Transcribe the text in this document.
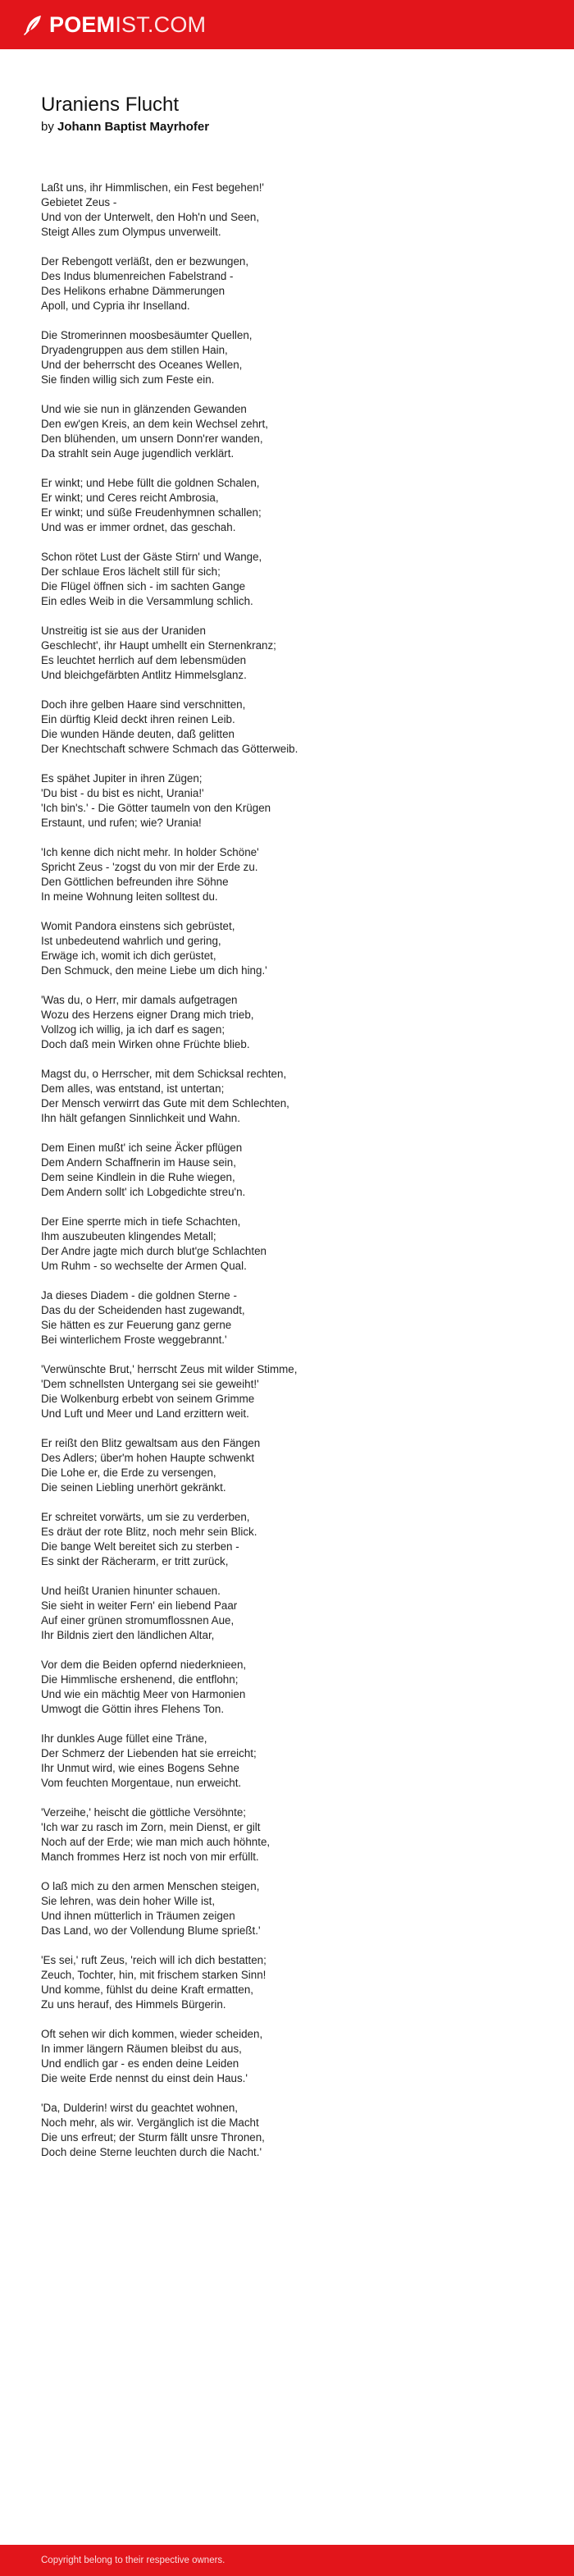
POEMIST.COM
Uraniens Flucht
by Johann Baptist Mayrhofer
Laßt uns, ihr Himmlischen, ein Fest begehen!'
Gebietet Zeus -
Und von der Unterwelt, den Hoh'n und Seen,
Steigt Alles zum Olympus unverweilt.
Der Rebengott verläßt, den er bezwungen,
Des Indus blumenreichen Fabelstrand -
Des Helikons erhabne Dämmerungen
Apoll, und Cypria ihr Inselland.
Die Stromerinnen moosbesäumter Quellen,
Dryadengruppen aus dem stillen Hain,
Und der beherrscht des Oceanes Wellen,
Sie finden willig sich zum Feste ein.
Und wie sie nun in glänzenden Gewanden
Den ew'gen Kreis, an dem kein Wechsel zehrt,
Den blühenden, um unsern Donn'rer wanden,
Da strahlt sein Auge jugendlich verklärt.
Er winkt; und Hebe füllt die goldnen Schalen,
Er winkt; und Ceres reicht Ambrosia,
Er winkt; und süße Freudenhymnen schallen;
Und was er immer ordnet, das geschah.
Schon rötet Lust der Gäste Stirn' und Wange,
Der schlaue Eros lächelt still für sich;
Die Flügel öffnen sich - im sachten Gange
Ein edles Weib in die Versammlung schlich.
Unstreitig ist sie aus der Uraniden
Geschlecht', ihr Haupt umhellt ein Sternenkranz;
Es leuchtet herrlich auf dem lebensmüden
Und bleichgefärbten Antlitz Himmelsglanz.
Doch ihre gelben Haare sind verschnitten,
Ein dürftig Kleid deckt ihren reinen Leib.
Die wunden Hände deuten, daß gelitten
Der Knechtschaft schwere Schmach das Götterweib.
Es spähet Jupiter in ihren Zügen;
'Du bist - du bist es nicht, Urania!'
'Ich bin's.' - Die Götter taumeln von den Krügen
Erstaunt, und rufen; wie? Urania!
'Ich kenne dich nicht mehr. In holder Schöne'
Spricht Zeus - 'zogst du von mir der Erde zu.
Den Göttlichen befreunden ihre Söhne
In meine Wohnung leiten solltest du.
Womit Pandora einstens sich gebrüstet,
Ist unbedeutend wahrlich und gering,
Erwäge ich, womit ich dich gerüstet,
Den Schmuck, den meine Liebe um dich hing.'
'Was du, o Herr, mir damals aufgetragen
Wozu des Herzens eigner Drang mich trieb,
Vollzog ich willig, ja ich darf es sagen;
Doch daß mein Wirken ohne Früchte blieb.
Magst du, o Herrscher, mit dem Schicksal rechten,
Dem alles, was entstand, ist untertan;
Der Mensch verwirrt das Gute mit dem Schlechten,
Ihn hält gefangen Sinnlichkeit und Wahn.
Dem Einen mußt' ich seine Äcker pflügen
Dem Andern Schaffnerin im Hause sein,
Dem seine Kindlein in die Ruhe wiegen,
Dem Andern sollt' ich Lobgedichte streu'n.
Der Eine sperrte mich in tiefe Schachten,
Ihm auszubeuten klingendes Metall;
Der Andre jagte mich durch blut'ge Schlachten
Um Ruhm - so wechselte der Armen Qual.
Ja dieses Diadem - die goldnen Sterne -
Das du der Scheidenden hast zugewandt,
Sie hätten es zur Feuerung ganz gerne
Bei winterlichem Froste weggebrannt.'
'Verwünschte Brut,' herrscht Zeus mit wilder Stimme,
'Dem schnellsten Untergang sei sie geweiht!'
Die Wolkenburg erbebt von seinem Grimme
Und Luft und Meer und Land erzittern weit.
Er reißt den Blitz gewaltsam aus den Fängen
Des Adlers; über'm hohen Haupte schwenkt
Die Lohe er, die Erde zu versengen,
Die seinen Liebling unerhört gekränkt.
Er schreitet vorwärts, um sie zu verderben,
Es dräut der rote Blitz, noch mehr sein Blick.
Die bange Welt bereitet sich zu sterben -
Es sinkt der Rächerarm, er tritt zurück,
Und heißt Uranien hinunter schauen.
Sie sieht in weiter Fern' ein liebend Paar
Auf einer grünen stromumflossnen Aue,
Ihr Bildnis ziert den ländlichen Altar,
Vor dem die Beiden opfernd niederknieen,
Die Himmlische ershenend, die entflohn;
Und wie ein mächtig Meer von Harmonien
Umwogt die Göttin ihres Flehens Ton.
Ihr dunkles Auge füllet eine Träne,
Der Schmerz der Liebenden hat sie erreicht;
Ihr Unmut wird, wie eines Bogens Sehne
Vom feuchten Morgentaue, nun erweicht.
'Verzeihe,' heischt die göttliche Versöhnte;
'Ich war zu rasch im Zorn, mein Dienst, er gilt
Noch auf der Erde; wie man mich auch höhnte,
Manch frommes Herz ist noch von mir erfüllt.
O laß mich zu den armen Menschen steigen,
Sie lehren, was dein hoher Wille ist,
Und ihnen mütterlich in Träumen zeigen
Das Land, wo der Vollendung Blume sprießt.'
'Es sei,' ruft Zeus, 'reich will ich dich bestatten;
Zeuch, Tochter, hin, mit frischem starken Sinn!
Und komme, fühlst du deine Kraft ermatten,
Zu uns herauf, des Himmels Bürgerin.
Oft sehen wir dich kommen, wieder scheiden,
In immer längern Räumen bleibst du aus,
Und endlich gar - es enden deine Leiden
Die weite Erde nennst du einst dein Haus.'
'Da, Dulderin! wirst du geachtet wohnen,
Noch mehr, als wir. Vergänglich ist die Macht
Die uns erfreut; der Sturm fällt unsre Thronen,
Doch deine Sterne leuchten durch die Nacht.'
Copyright belong to their respective owners.
